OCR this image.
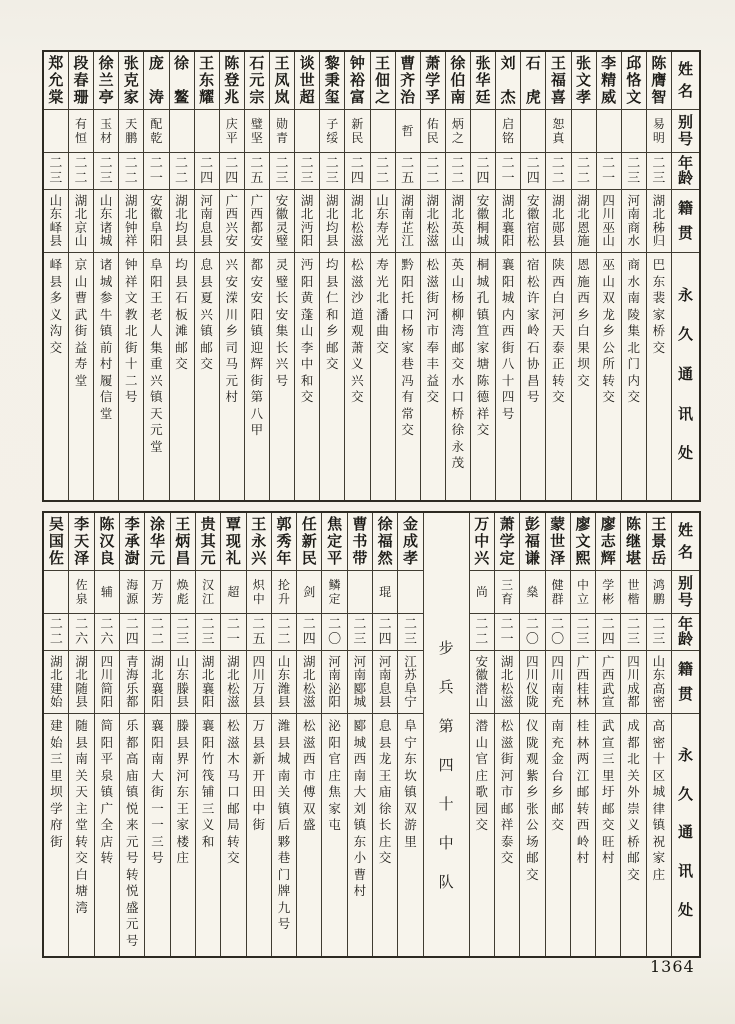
姓
名
别
号
年
龄
籍
贯
永
久
通
讯
处
陈
膺
智
易
明
二
三
湖
北
秭
归
巴
东
裴
家
桥
交
邱
恪
文
二
三
河
南
商
水
商
水
南
陵
集
北
门
内
交
李
精
威
二
一
四
川
巫
山
巫
山
双
龙
乡
公
所
转
交
张
文
孝
二
二
湖
北
恩
施
恩
施
西
乡
白
果
坝
交
王
福
喜
恕
真
二
二
湖
北
郧
县
陕
西
白
河
天
泰
正
转
交
石
虎
二
四
安
徽
宿
松
宿
松
许
家
岭
石
协
昌
号
刘
杰
启
铭
二
一
湖
北
襄
阳
襄
阳
城
内
西
街
八
十
四
号
张
华
廷
二
四
安
徽
桐
城
桐
城
孔
镇
笪
家
塘
陈
德
祥
交
徐
伯
南
炳
之
二
二
湖
北
英
山
英
山
杨
柳
湾
邮
交
水
口
桥
徐
永
茂
萧
学
孚
佑
民
二
二
湖
北
松
滋
松
滋
街
河
市
奉
丰
益
交
曹
齐
治
哲
二
五
湖
南
芷
江
黔
阳
托
口
杨
家
巷
冯
有
常
交
王
佃
之
二
二
山
东
寿
光
寿
光
北
潘
曲
交
钟
裕
富
新
民
二
四
湖
北
松
滋
松
滋
沙
道
观
萧
义
兴
交
黎
秉
玺
子
绥
二
三
湖
北
均
县
均
县
仁
和
乡
邮
交
谈
世
超
二
三
湖
北
沔
阳
沔
阳
黄
蓬
山
李
中
和
交
王
凤
岚
勋
青
二
三
安
徽
灵
璧
灵
璧
长
安
集
长
兴
号
石
元
宗
璧
坚
二
五
广
西
都
安
都
安
安
阳
镇
迎
辉
街
第
八
甲
陈
登
兆
庆
平
二
四
广
西
兴
安
兴
安
溁
川
乡
司
马
元
村
王
东
耀
二
四
河
南
息
县
息
县
夏
兴
镇
邮
交
徐
鳌
二
二
湖
北
均
县
均
县
石
板
滩
邮
交
庞
涛
配
乾
二
一
安
徽
阜
阳
阜
阳
王
老
人
集
重
兴
镇
天
元
堂
张
克
家
天
鹏
二
二
湖
北
钟
祥
钟
祥
文
教
北
街
十
二
号
徐
兰
亭
玉
材
二
三
山
东
诸
城
诸
城
参
牛
镇
前
村
履
信
堂
段
春
珊
有
恒
二
二
湖
北
京
山
京
山
曹
武
街
益
寿
堂
郑
允
棠
二
三
山
东
峄
县
峄
县
多
义
沟
交
姓
名
别
号
年
龄
籍
贯
永
久
通
讯
处
王
景
岳
鸿
鹏
二
三
山
东
高
密
高
密
十
区
城
律
镇
祝
家
庄
陈
继
堪
世
楷
二
三
四
川
成
都
成
都
北
关
外
崇
义
桥
邮
交
廖
志
辉
学
彬
二
四
广
西
武
宣
武
宣
三
里
圩
邮
交
旺
村
廖
文
熙
中
立
二
三
广
西
桂
林
桂
林
两
江
邮
转
西
岭
村
蒙
世
泽
健
群
二
〇
四
川
南
充
南
充
金
台
乡
邮
交
彭
福
谦
燊
二
〇
四
川
仪
陇
仪
陇
观
紫
乡
张
公
场
邮
交
萧
学
定
三
育
二
一
湖
北
松
滋
松
滋
街
河
市
邮
祥
泰
交
万
中
兴
尚
二
二
安
徽
潜
山
潜
山
官
庄
歌
园
交
步
兵
第
四
十
中
队
金
成
孝
二
三
江
苏
阜
宁
阜
宁
东
坎
镇
双
游
里
徐
福
然
琨
二
四
河
南
息
县
息
县
龙
王
庙
徐
长
庄
交
曹
书
带
二
三
河
南
郾
城
郾
城
西
南
大
刘
镇
东
小
曹
村
焦
定
平
鳞
定
二
〇
河
南
泌
阳
泌
阳
官
庄
焦
家
屯
任
新
民
剑
二
四
湖
北
松
滋
松
滋
西
市
傅
双
盛
郭
秀
年
抡
升
二
二
山
东
潍
县
潍
县
城
南
关
镇
后
夥
巷
门
牌
九
号
王
永
兴
炽
中
二
五
四
川
万
县
万
县
新
开
田
中
街
覃
现
礼
超
二
一
湖
北
松
滋
松
滋
木
马
口
邮
局
转
交
贵
其
元
汉
江
二
三
湖
北
襄
阳
襄
阳
竹
筏
铺
三
义
和
王
炳
昌
焕
彪
二
三
山
东
滕
县
滕
县
界
河
东
王
家
楼
庄
涂
华
元
万
芳
二
二
湖
北
襄
阳
襄
阳
南
大
街
一
一
三
号
李
承
澍
海
源
二
四
青
海
乐
都
乐
都
高
庙
镇
悦
来
元
号
转
悦
盛
元
号
陈
汉
良
辅
二
六
四
川
简
阳
简
阳
平
泉
镇
广
全
店
转
李
天
泽
佐
泉
二
六
湖
北
随
县
随
县
南
关
天
主
堂
转
交
白
塘
湾
吴
国
佐
二
二
湖
北
建
始
建
始
三
里
坝
学
府
街
1364
